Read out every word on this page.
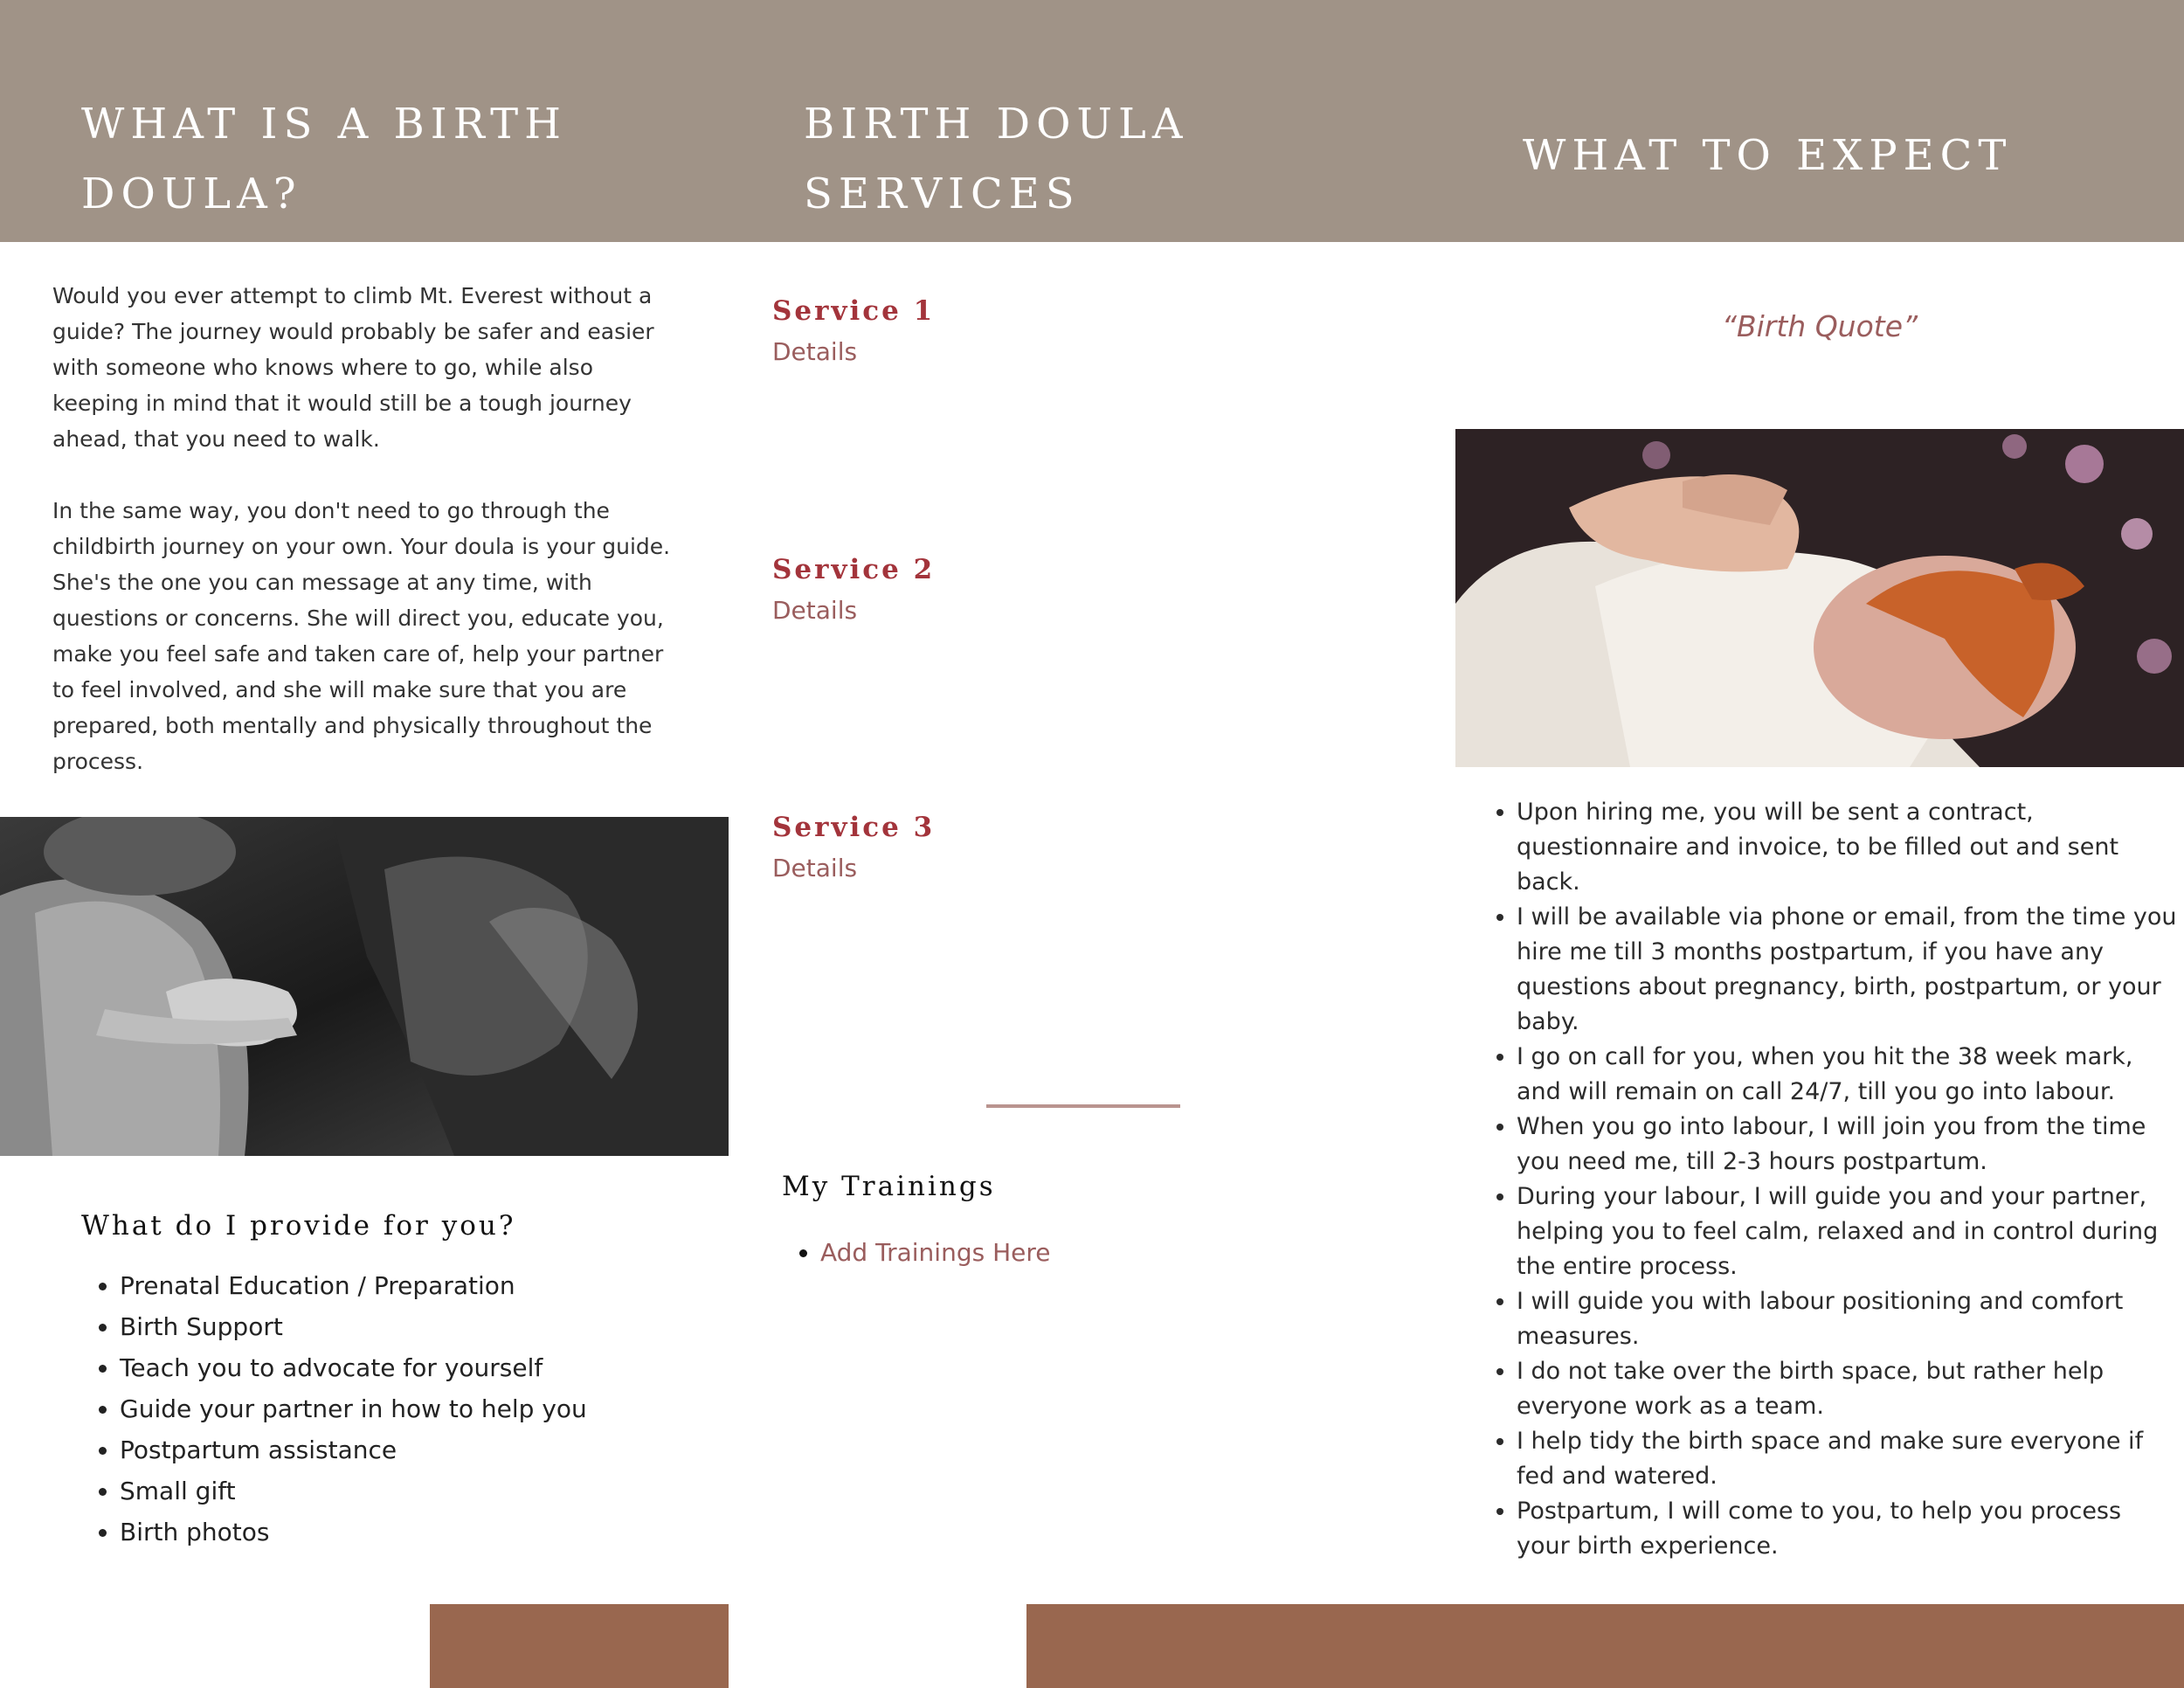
WHAT IS A BIRTH
DOULA?
BIRTH DOULA
SERVICES
WHAT TO EXPECT

Would you ever attempt to climb Mt. Everest without a guide? The journey would probably be safer and easier with someone who knows where to go, while also keeping in mind that it would still be a tough journey ahead, that you need to walk.

In the same way, you don't need to go through the childbirth journey on your own. Your doula is your guide. She's the one you can message at any time, with questions or concerns. She will direct you, educate you, make you feel safe and taken care of, help your partner to feel involved, and she will make sure that you are prepared, both mentally and physically throughout the process.

What do I provide for you?
• Prenatal Education / Preparation
• Birth Support
• Teach you to advocate for yourself
• Guide your partner in how to help you
• Postpartum assistance
• Small gift
• Birth photos
Service 1
Details
Service 2
Details
Service 3
Details
My Trainings
• Add Trainings Here
“Birth Quote”
• Upon hiring me, you will be sent a contract, questionnaire and invoice, to be filled out and sent back.
• I will be available via phone or email, from the time you hire me till 3 months postpartum, if you have any questions about pregnancy, birth, postpartum, or your baby.
• I go on call for you, when you hit the 38 week mark, and will remain on call 24/7, till you go into labour.
• When you go into labour, I will join you from the time you need me, till 2-3 hours postpartum.
• During your labour, I will guide you and your partner, helping you to feel calm, relaxed and in control during the entire process.
• I will guide you with labour positioning and comfort measures.
• I do not take over the birth space, but rather help everyone work as a team.
• I help tidy the birth space and make sure everyone if fed and watered.
• Postpartum, I will come to you, to help you process your birth experience.
